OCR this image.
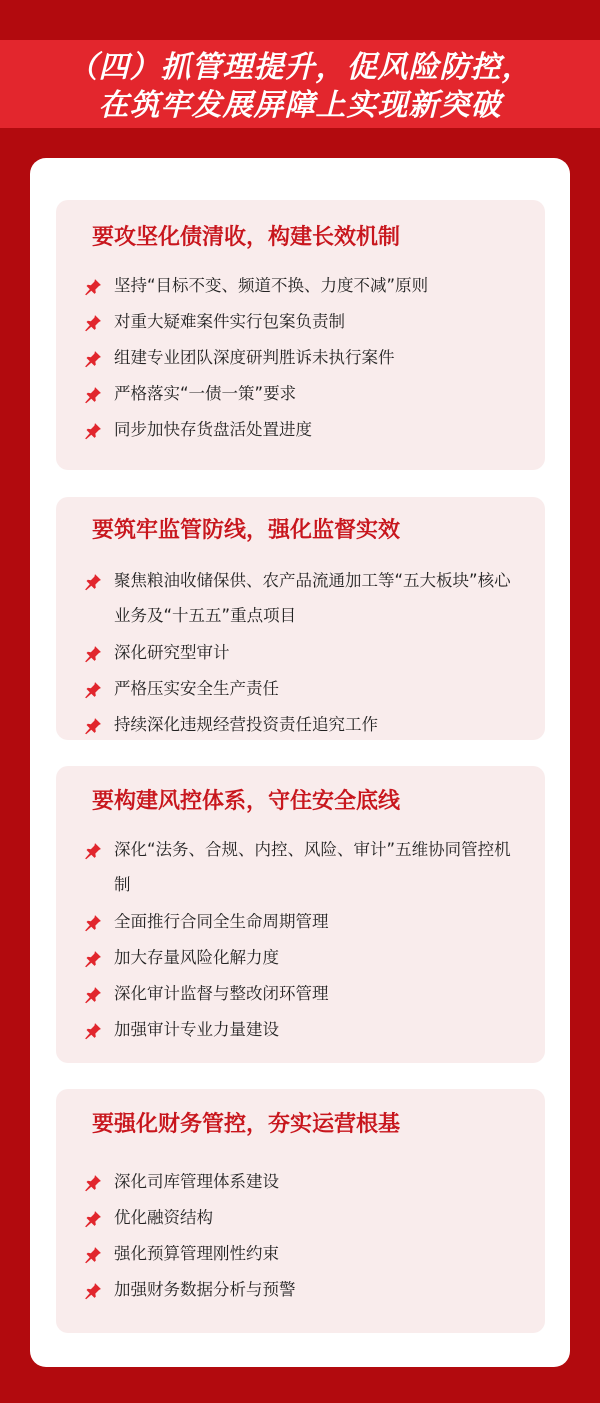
（四）抓管理提升，促风险防控，
在筑牢发展屏障上实现新突破
要攻坚化债清收，构建长效机制
坚持“目标不变、频道不换、力度不减”原则
对重大疑难案件实行包案负责制
组建专业团队深度研判胜诉未执行案件
严格落实“一债一策”要求
同步加快存货盘活处置进度
要筑牢监管防线，强化监督实效
聚焦粮油收储保供、农产品流通加工等“五大板块”核心业务及“十五五”重点项目
深化研究型审计
严格压实安全生产责任
持续深化违规经营投资责任追究工作
要构建风控体系，守住安全底线
深化“法务、合规、内控、风险、审计”五维协同管控机制
全面推行合同全生命周期管理
加大存量风险化解力度
深化审计监督与整改闭环管理
加强审计专业力量建设
要强化财务管控，夯实运营根基
深化司库管理体系建设
优化融资结构
强化预算管理刚性约束
加强财务数据分析与预警
